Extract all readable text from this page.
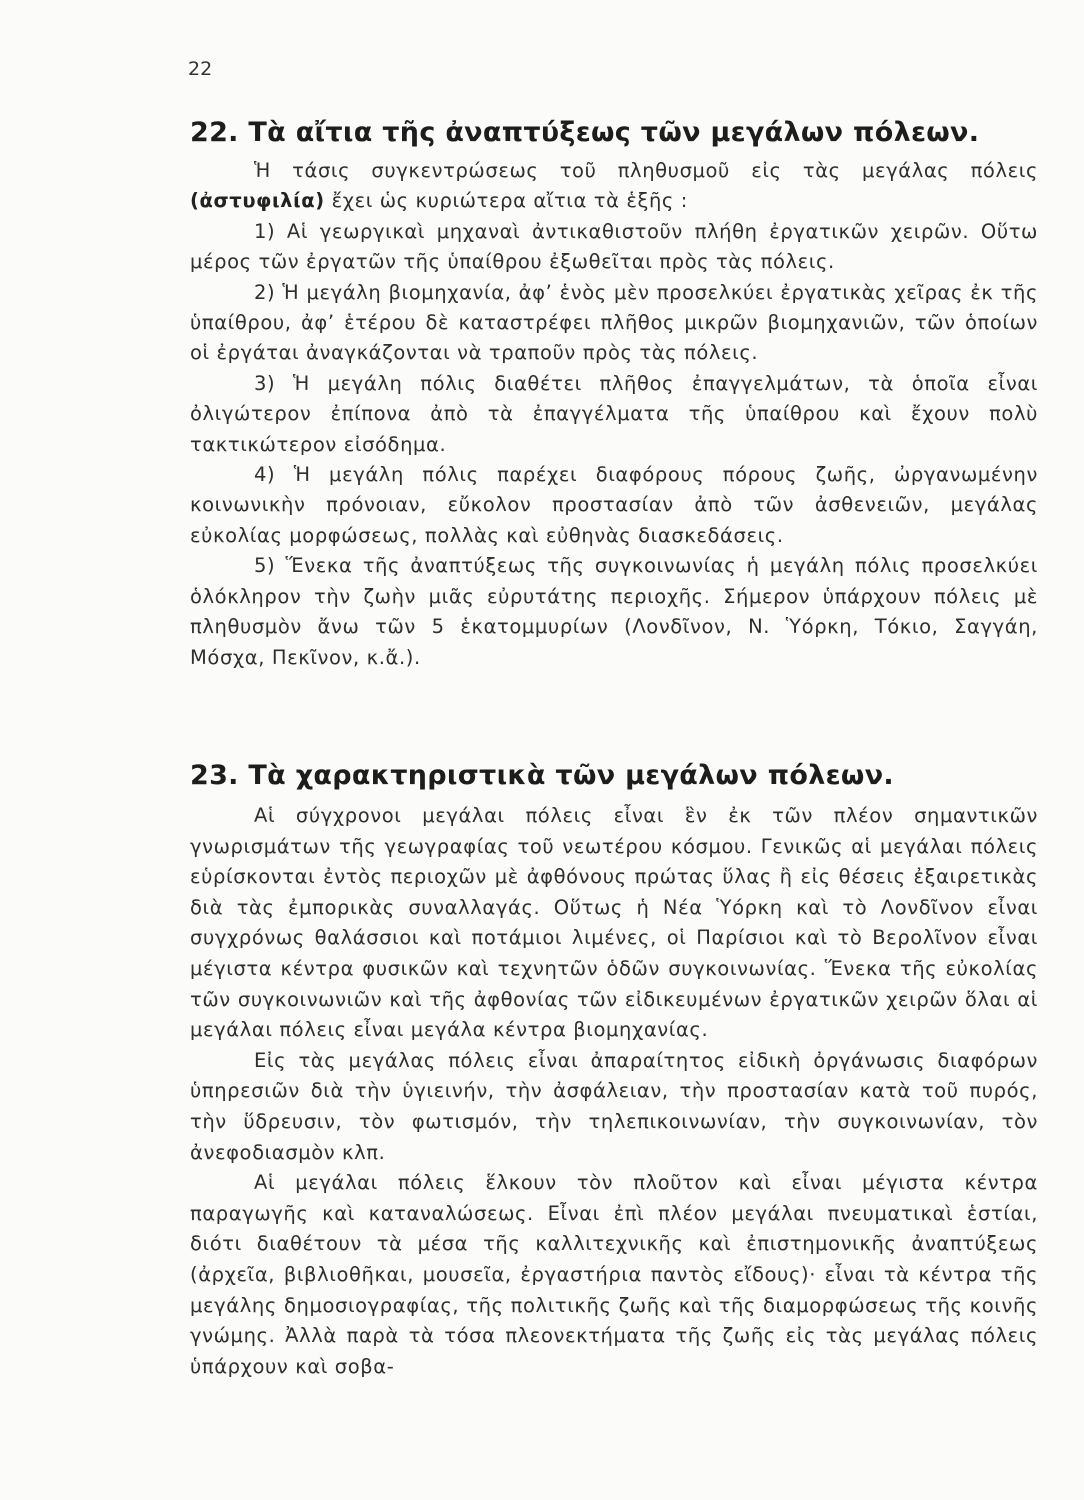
22
22. Τὰ αἴτια τῆς ἀναπτύξεως τῶν μεγάλων πόλεων.

Ἡ τάσις συγκεντρώσεως τοῦ πληθυσμοῦ εἰς τὰς μεγάλας πόλεις (ἀστυφιλία) ἔχει ὡς κυριώτερα αἴτια τὰ ἑξῆς :

1) Αἱ γεωργικαὶ μηχαναὶ ἀντικαθιστοῦν πλήθη ἐργατικῶν χειρῶν. Οὕτω μέρος τῶν ἐργατῶν τῆς ὑπαίθρου ἐξωθεῖται πρὸς τὰς πόλεις.

2) Ἡ μεγάλη βιομηχανία, ἀφ’ ἑνὸς μὲν προσελκύει ἐργατικὰς χεῖρας ἐκ τῆς ὑπαίθρου, ἀφ’ ἑτέρου δὲ καταστρέφει πλῆθος μικρῶν βιομηχανιῶν, τῶν ὁποίων οἱ ἐργάται ἀναγκάζονται νὰ τραποῦν πρὸς τὰς πόλεις.

3) Ἡ μεγάλη πόλις διαθέτει πλῆθος ἐπαγγελμάτων, τὰ ὁποῖα εἶναι ὀλιγώτερον ἐπίπονα ἀπὸ τὰ ἐπαγγέλματα τῆς ὑπαίθρου καὶ ἔχουν πολὺ τακτικώτερον εἰσόδημα.

4) Ἡ μεγάλη πόλις παρέχει διαφόρους πόρους ζωῆς, ὠργανωμένην κοινωνικὴν πρόνοιαν, εὔκολον προστασίαν ἀπὸ τῶν ἀσθενειῶν, μεγάλας εὐκολίας μορφώσεως, πολλὰς καὶ εὐθηνὰς διασκεδάσεις.

5) Ἕνεκα τῆς ἀναπτύξεως τῆς συγκοινωνίας ἡ μεγάλη πόλις προσελκύει ὁλόκληρον τὴν ζωὴν μιᾶς εὐρυτάτης περιοχῆς. Σήμερον ὑπάρχουν πόλεις μὲ πληθυσμὸν ἄνω τῶν 5 ἑκατομμυρίων (Λονδῖνον, Ν. Ὑόρκη, Τόκιο, Σαγγάη, Μόσχα, Πεκῖνον, κ.ἄ.).

23. Τὰ χαρακτηριστικὰ τῶν μεγάλων πόλεων.

Αἱ σύγχρονοι μεγάλαι πόλεις εἶναι ἓν ἐκ τῶν πλέον σημαντικῶν γνωρισμάτων τῆς γεωγραφίας τοῦ νεωτέρου κόσμου. Γενικῶς αἱ μεγάλαι πόλεις εὑρίσκονται ἐντὸς περιοχῶν μὲ ἀφθόνους πρώτας ὕλας ἢ εἰς θέσεις ἐξαιρετικὰς διὰ τὰς ἐμπορικὰς συναλλαγάς. Οὕτως ἡ Νέα Ὑόρκη καὶ τὸ Λονδῖνον εἶναι συγχρόνως θαλάσσιοι καὶ ποτάμιοι λιμένες, οἱ Παρίσιοι καὶ τὸ Βερολῖνον εἶναι μέγιστα κέντρα φυσικῶν καὶ τεχνητῶν ὁδῶν συγκοινωνίας. Ἕνεκα τῆς εὐκολίας τῶν συγκοινωνιῶν καὶ τῆς ἀφθονίας τῶν εἰδικευμένων ἐργατικῶν χειρῶν ὅλαι αἱ μεγάλαι πόλεις εἶναι μεγάλα κέντρα βιομηχανίας.

Εἰς τὰς μεγάλας πόλεις εἶναι ἀπαραίτητος εἰδικὴ ὀργάνωσις διαφόρων ὑπηρεσιῶν διὰ τὴν ὑγιεινήν, τὴν ἀσφάλειαν, τὴν προστασίαν κατὰ τοῦ πυρός, τὴν ὕδρευσιν, τὸν φωτισμόν, τὴν τηλεπικοινωνίαν, τὴν συγκοινωνίαν, τὸν ἀνεφοδιασμὸν κλπ.

Αἱ μεγάλαι πόλεις ἕλκουν τὸν πλοῦτον καὶ εἶναι μέγιστα κέντρα παραγωγῆς καὶ καταναλώσεως. Εἶναι ἐπὶ πλέον μεγάλαι πνευματικαὶ ἑστίαι, διότι διαθέτουν τὰ μέσα τῆς καλλιτεχνικῆς καὶ ἐπιστημονικῆς ἀναπτύξεως (ἀρχεῖα, βιβλιοθῆκαι, μουσεῖα, ἐργαστήρια παντὸς εἴδους)· εἶναι τὰ κέντρα τῆς μεγάλης δημοσιογραφίας, τῆς πολιτικῆς ζωῆς καὶ τῆς διαμορφώσεως τῆς κοινῆς γνώμης. Ἀλλὰ παρὰ τὰ τόσα πλεονεκτήματα τῆς ζωῆς εἰς τὰς μεγάλας πόλεις ὑπάρχουν καὶ σοβα-
